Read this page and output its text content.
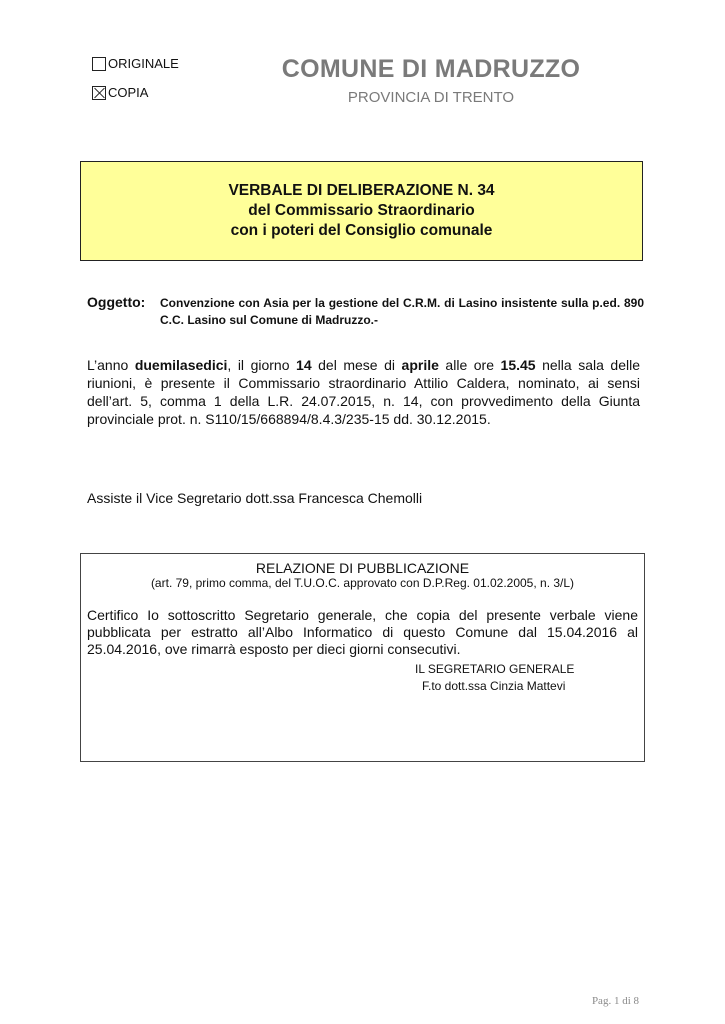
ORIGINALE
COPIA
COMUNE DI MADRUZZO
PROVINCIA DI TRENTO
VERBALE DI DELIBERAZIONE N. 34
del Commissario Straordinario
con i poteri del Consiglio comunale
Oggetto: Convenzione con Asia per la gestione del C.R.M. di Lasino insistente sulla p.ed. 890 C.C. Lasino sul Comune di Madruzzo.-
L’anno duemilasedici, il giorno 14 del mese di aprile alle ore 15.45 nella sala delle riunioni, è presente il Commissario straordinario Attilio Caldera, nominato, ai sensi dell’art. 5, comma 1 della L.R. 24.07.2015, n. 14, con provvedimento della Giunta provinciale prot. n. S110/15/668894/8.4.3/235-15 dd. 30.12.2015.
Assiste il Vice Segretario dott.ssa Francesca Chemolli
RELAZIONE DI PUBBLICAZIONE
(art. 79, primo comma, del T.U.O.C. approvato con D.P.Reg. 01.02.2005, n. 3/L)
Certifico Io sottoscritto Segretario generale, che copia del presente verbale viene pubblicata per estratto all’Albo Informatico di questo Comune dal 15.04.2016 al 25.04.2016, ove rimarrà esposto per dieci giorni consecutivi.
IL SEGRETARIO GENERALE
F.to dott.ssa Cinzia Mattevi
Pag. 1 di 8
